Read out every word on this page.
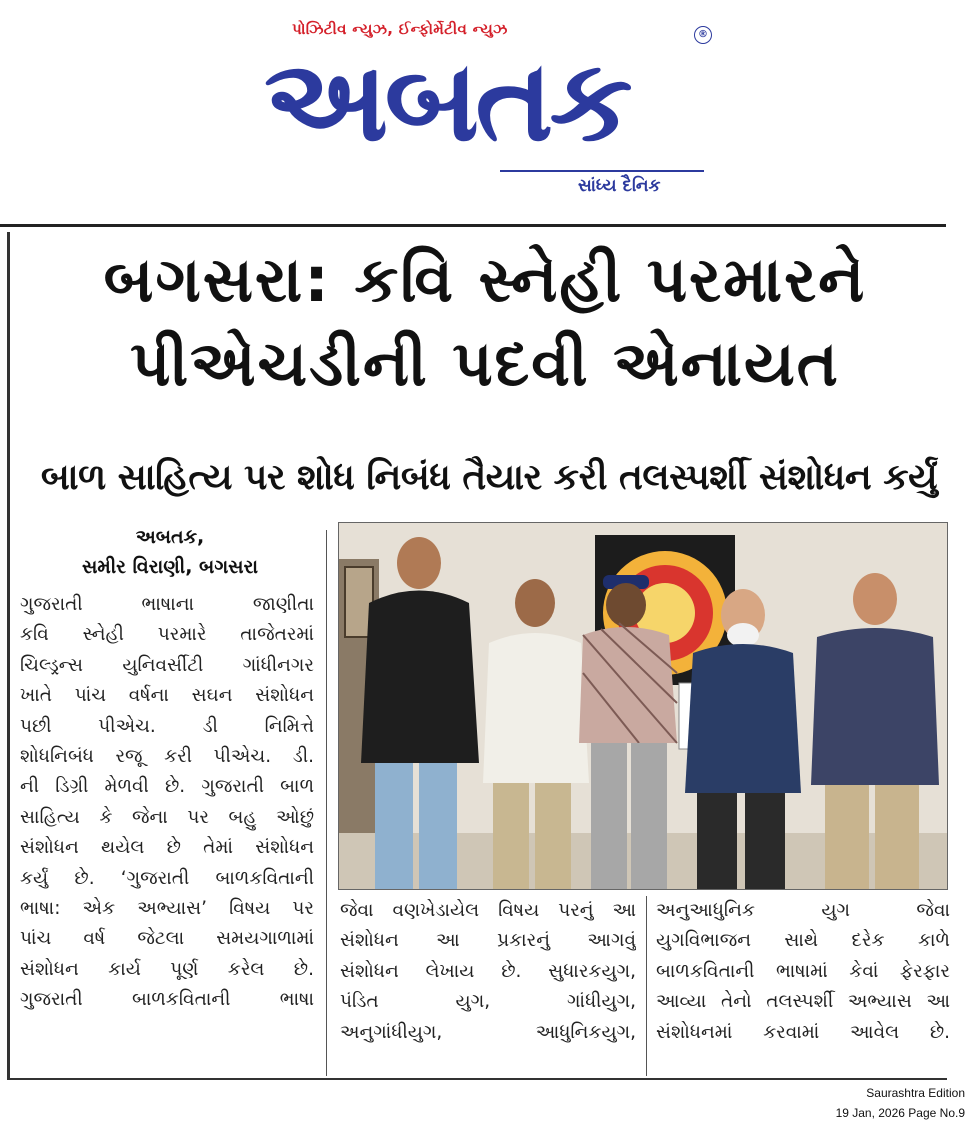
પોઝિટીવ ન્યુઝ, ઈન્ફોર્મેટીવ ન્યુઝ	®
અબતક
સાંધ્ય દૈનિક
બગસરા: કવિ સ્નેહી પરમારને
પીએચડીની પદવી એનાયત
બાળ સાહિત્ય પર શોધ નિબંધ તૈયાર કરી તલસ્પર્શી સંશોધન કર્યું
અબતક,
સમીર વિરાણી, બગસરા
ગુજરાતી ભાષાના જાણીતા
કવિ સ્નેહી પરમારે તાજેતરમાં
ચિલ્ડ્રન્સ યુનિવર્સીટી ગાંધીનગર
ખાતે પાંચ વર્ષના સઘન સંશોધન
પછી પીએચ. ડી નિમિત્તે
શોધનિબંધ રજૂ કરી પીએચ. ડી.
ની ડિગ્રી મેળવી છે. ગુજરાતી બાળ
સાહિત્ય કે જેના પર બહુ ઓછું
સંશોધન થયેલ છે તેમાં સંશોધન
કર્યું છે. ‘ગુજરાતી બાળકવિતાની
ભાષા: એક અભ્યાસ’ વિષય પર
પાંચ વર્ષ જેટલા સમયગાળામાં
સંશોધન કાર્ય પૂર્ણ કરેલ છે.
ગુજરાતી બાળકવિતાની ભાષા
જેવા વણખેડાયેલ વિષય પરનું આ
સંશોધન આ પ્રકારનું આગવું
સંશોધન લેખાય છે. સુધારકયુગ,
પંડિત યુગ, ગાંધીયુગ,
અનુગાંધીયુગ, આધુનિકયુગ,
અનુઆધુનિક યુગ જેવા
યુગવિભાજન સાથે દરેક કાળે
બાળકવિતાની ભાષામાં કેવાં ફેરફાર
આવ્યા તેનો તલસ્પર્શી અભ્યાસ આ
સંશોધનમાં કરવામાં આવેલ છે.
Saurashtra Edition
19 Jan, 2026 Page No.9
